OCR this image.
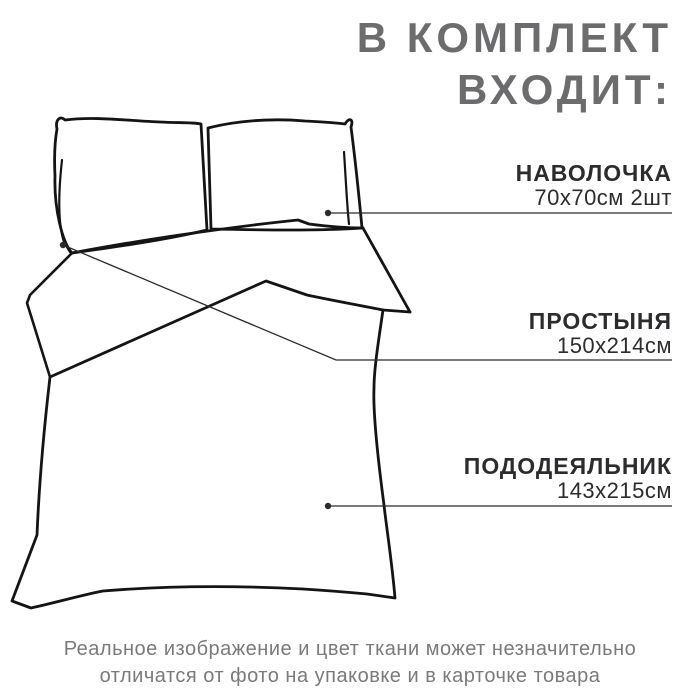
В КОМПЛЕКТ
ВХОДИТ:
НАВОЛОЧКА
70х70см 2шт
ПРОСТЫНЯ
150х214см
ПОДОДЕЯЛЬНИК
143х215см
Реальное изображение и цвет ткани может незначительно
отличатся от фото на упаковке и в карточке товара
